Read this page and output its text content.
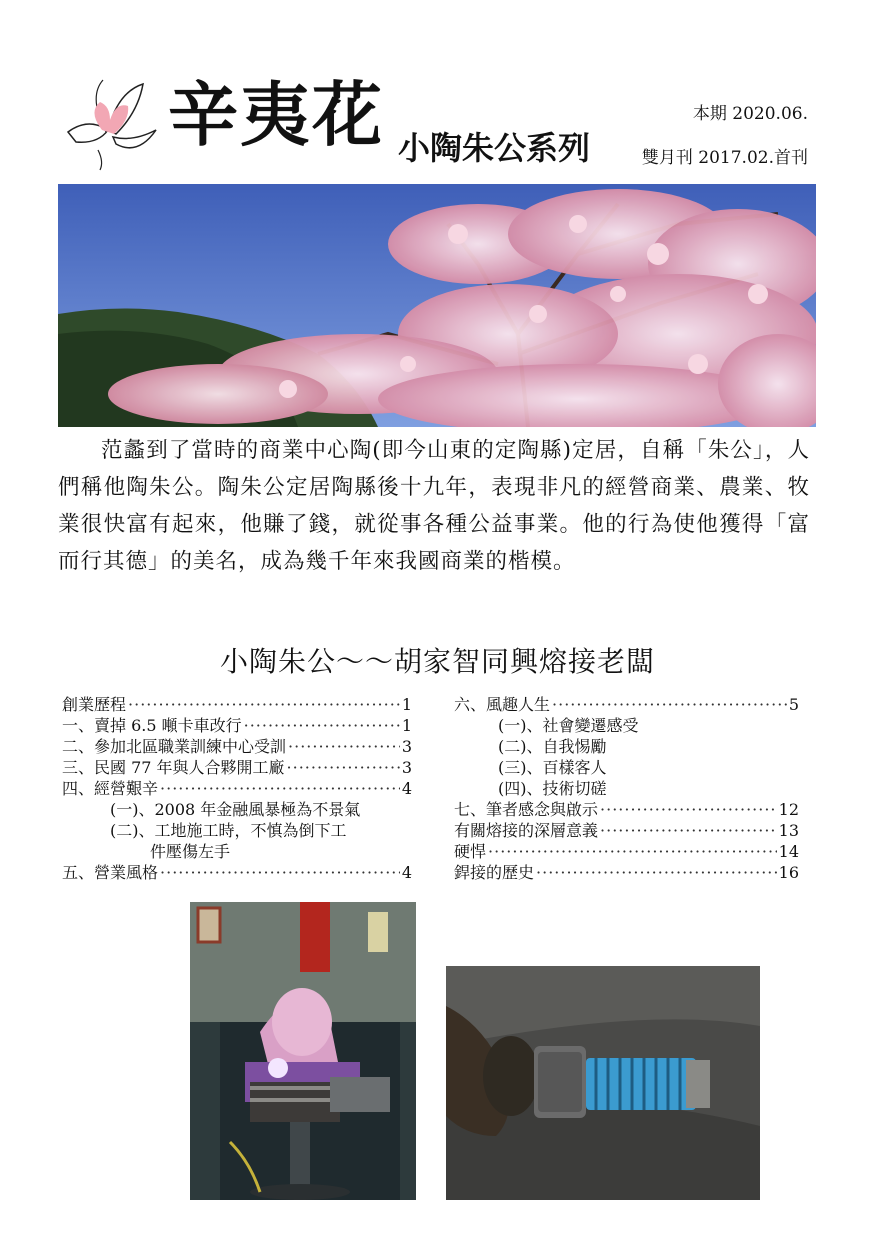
辛夷花 小陶朱公系列
本期 2020.06.
雙月刊 2017.02.首刊

范蠡到了當時的商業中心陶(即今山東的定陶縣)定居，自稱「朱公」，人們稱他陶朱公。陶朱公定居陶縣後十九年，表現非凡的經營商業、農業、牧業很快富有起來，他賺了錢，就從事各種公益事業。他的行為使他獲得「富而行其德」的美名，成為幾千年來我國商業的楷模。

小陶朱公～～胡家智同興熔接老闆
創業歷程 ·····	1
一、賣掉 6.5 噸卡車改行 ·····	1
二、參加北區職業訓練中心受訓 ·····	3
三、民國 77 年與人合夥開工廠 ·····	3
四、經營艱辛 ·····	4
(一)、2008 年金融風暴極為不景氣
(二)、工地施工時，不慎為倒下工
件壓傷左手
五、營業風格 ·····	4
六、風趣人生 ·····	5
(一)、社會變遷感受
(二)、自我惕勵
(三)、百樣客人
(四)、技術切磋
七、筆者感念與啟示 ·····	12
有關熔接的深層意義 ·····	13
硬悍 ·····	14
銲接的歷史 ·····	16
